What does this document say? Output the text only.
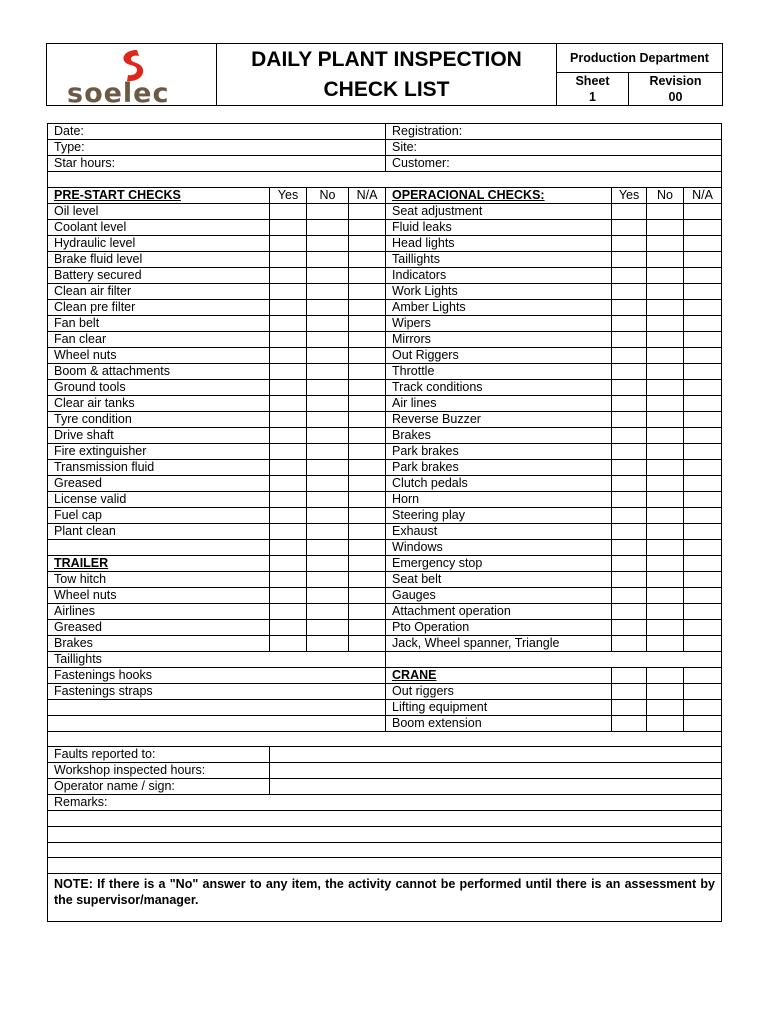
soelec
DAILY PLANT INSPECTION
CHECK LIST
Production Department
Sheet
1
Revision
00
Date:				Registration:			
Type:				Site:			
Star hours:				Customer:			

PRE-START CHECKS	Yes	No	N/A	OPERACIONAL CHECKS:	Yes	No	N/A
Oil level				Seat adjustment			
Coolant level				Fluid leaks			
Hydraulic level				Head lights			
Brake fluid level				Taillights			
Battery secured				Indicators			
Clean air filter				Work Lights			
Clean pre filter				Amber Lights			
Fan belt				Wipers			
Fan clear				Mirrors			
Wheel nuts				Out Riggers			
Boom & attachments				Throttle			
Ground tools				Track conditions			
Clear air tanks				Air lines			
Tyre condition				Reverse Buzzer			
Drive shaft				Brakes			
Fire extinguisher				Park brakes			
Transmission fluid				Park brakes			
Greased				Clutch pedals			
License valid				Horn			
Fuel cap				Steering play			
Plant clean				Exhaust			
				Windows			
TRAILER				Emergency stop			
Tow hitch				Seat belt			
Wheel nuts				Gauges			
Airlines				Attachment operation			
Greased				Pto Operation			
Brakes				Jack, Wheel spanner, Triangle			
Taillights							
Fastenings hooks				CRANE			
Fastenings straps				Out riggers			
				Lifting equipment			
				Boom extension			

Faults reported to:							
Workshop inspected hours:							
Operator name / sign:							
Remarks:							

NOTE: If there is a "No" answer to any item, the activity cannot be performed until there is an assessment by the supervisor/manager.							
